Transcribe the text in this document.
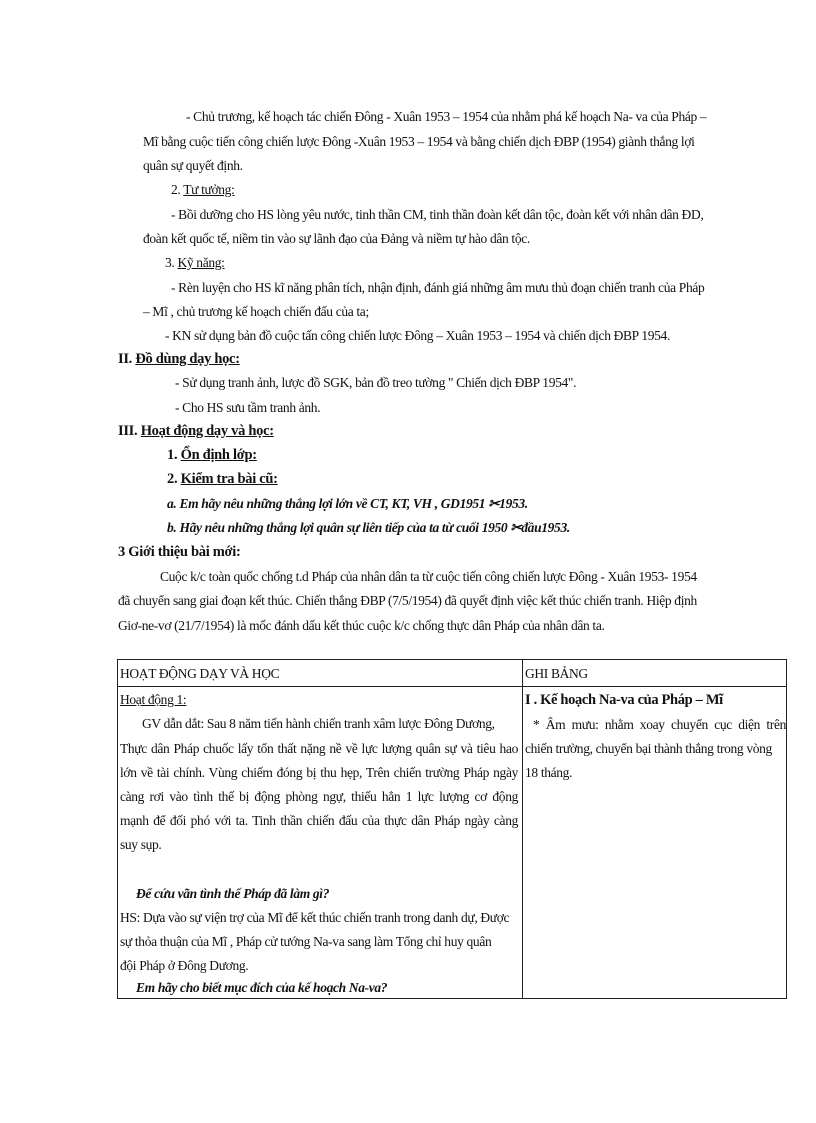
- Chủ trương, kế hoạch tác chiến Đông - Xuân 1953 – 1954 của nhằm phá kế hoạch Na- va của Pháp –
Mĩ bằng cuộc tiến công chiến lược Đông -Xuân 1953 – 1954 và bằng chiến dịch ĐBP (1954) giành thắng lợi
quân sự quyết định.
2. Tư tưởng:
- Bồi dưỡng cho HS lòng yêu nước, tinh thần CM, tinh thần đoàn kết dân tộc, đoàn kết với nhân dân ĐD,
đoàn kết quốc tế, niềm tin vào sự lãnh đạo của Đảng và niềm tự hào dân tộc.
3. Kỹ năng:
- Rèn luyện cho HS kĩ năng phân tích, nhận định, đánh giá những âm mưu thủ đoạn chiến tranh của Pháp
– Mĩ , chủ trương kế hoạch chiến đấu của ta;
- KN sử dụng bản đồ cuộc tấn công chiến lược Đông – Xuân 1953 – 1954 và chiến dịch ĐBP 1954.
II. Đồ dùng dạy học:
- Sử dụng tranh ảnh, lược đồ SGK, bản đồ treo tường " Chiến dịch ĐBP 1954".
- Cho HS sưu tầm tranh ảnh.
III. Hoạt động dạy và học:
1. Ổn định lớp:
2. Kiểm tra bài cũ:
a. Em hãy nêu những thắng lợi lớn về CT, KT, VH , GD1951 ✂1953.
b. Hãy nêu những thắng lợi quân sự liên tiếp của ta từ cuối 1950 ✂đầu1953.
3 Giới thiệu bài mới:
Cuộc k/c toàn quốc chống t.d Pháp của nhân dân ta từ cuộc tiến công chiến lược Đông - Xuân 1953- 1954
đã chuyển sang giai đoạn kết thúc. Chiến thắng ĐBP (7/5/1954) đã quyết định việc kết thúc chiến tranh. Hiệp định
Giơ-ne-vơ (21/7/1954) là mốc đánh dấu kết thúc cuộc k/c chống thực dân Pháp của nhân dân ta.
HOẠT ĐỘNG DẠY VÀ HỌC	GHI BẢNG
Hoạt động 1:
GV dẫn dắt: Sau 8 năm tiến hành chiến tranh xâm lược Đông Dương,
Thực dân Pháp chuốc lấy tổn thất nặng nề về lực lượng quân sự và tiêu hao
lớn về tài chính. Vùng chiếm đóng bị thu hẹp, Trên chiến trường Pháp ngày
càng rơi vào tình thế bị động phòng ngự, thiếu hẳn 1 lực lượng cơ động
mạnh để đối phó với ta. Tinh thần chiến đấu của thực dân Pháp ngày càng
suy sụp.
Để cứu vãn tình thế Pháp đã làm gì?
HS: Dựa vào sự viện trợ của Mĩ để kết thúc chiến tranh trong danh dự, Được
sự thỏa thuận của Mĩ , Pháp cử tướng Na-va sang làm Tổng chỉ huy quân
đội Pháp ở Đông Dương.
Em hãy cho biết mục đích của kế hoạch Na-va?
I . Kế hoạch Na-va của Pháp – Mĩ
* Âm mưu: nhằm xoay chuyển cục diện trên
chiến trường, chuyển bại thành thắng trong vòng
18 tháng.
